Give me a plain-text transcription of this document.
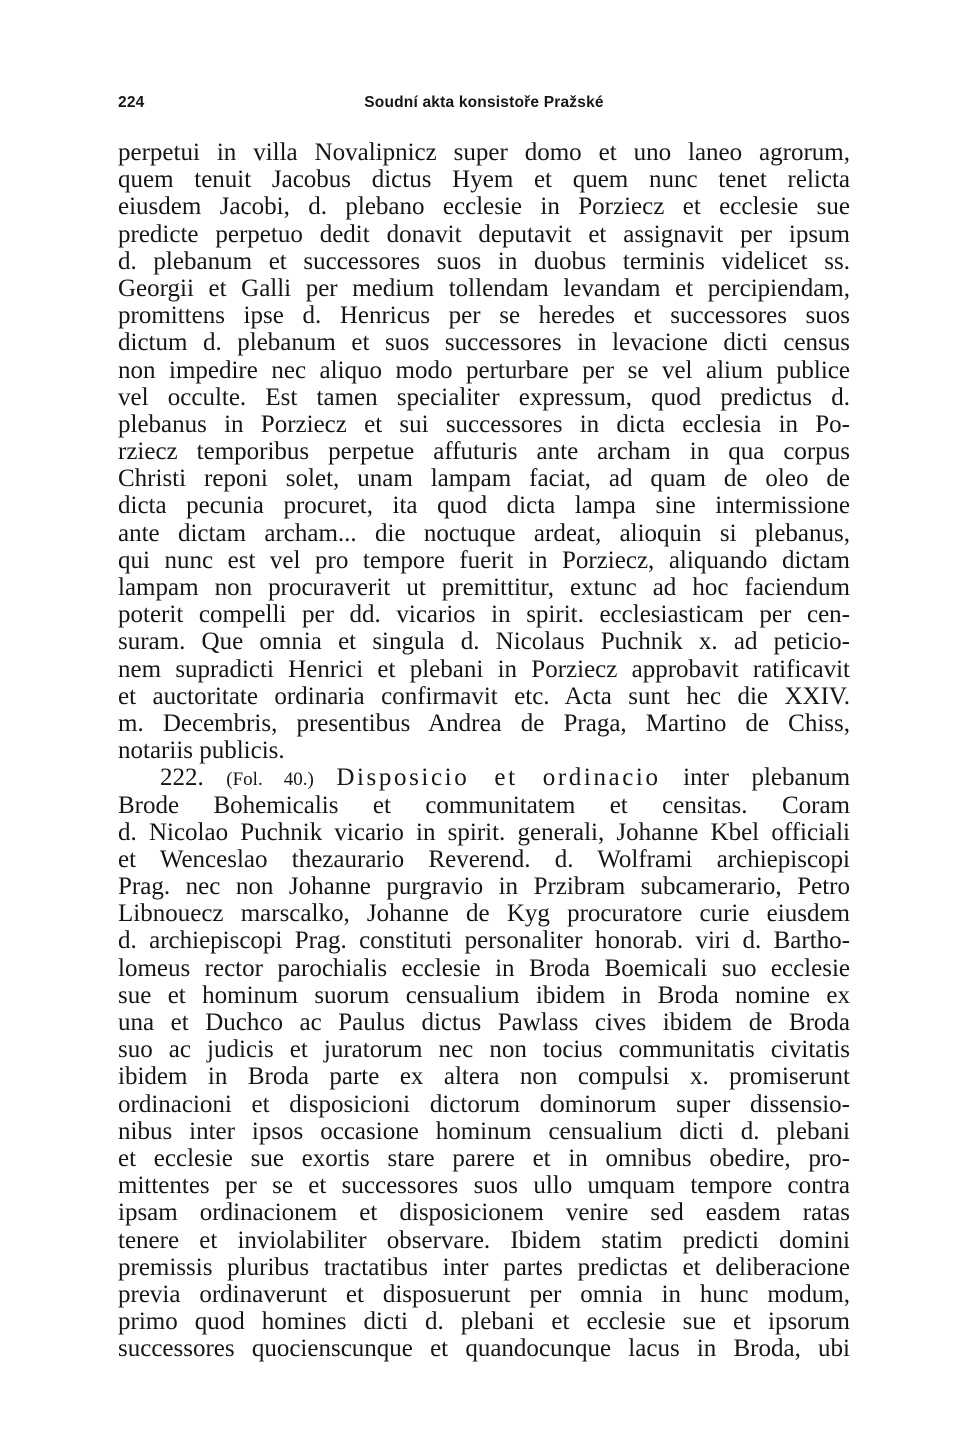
224	Soudní akta konsistoře Pražské
perpetui in villa Novalipnicz super domo et uno laneo agrorum,
quem tenuit Jacobus dictus Hyem et quem nunc tenet relicta
eiusdem Jacobi, d. plebano ecclesie in Porziecz et ecclesie sue
predicte perpetuo dedit donavit deputavit et assignavit per ipsum
d. plebanum et successores suos in duobus terminis videlicet ss.
Georgii et Galli per medium tollendam levandam et percipiendam,
promittens ipse d. Henricus per se heredes et successores suos
dictum d. plebanum et suos successores in levacione dicti census
non impedire nec aliquo modo perturbare per se vel alium publice
vel occulte. Est tamen specialiter expressum, quod predictus d.
plebanus in Porziecz et sui successores in dicta ecclesia in Po-
rziecz temporibus perpetue affuturis ante archam in qua corpus
Christi reponi solet, unam lampam faciat, ad quam de oleo de
dicta pecunia procuret, ita quod dicta lampa sine intermissione
ante dictam archam... die noctuque ardeat, alioquin si plebanus,
qui nunc est vel pro tempore fuerit in Porziecz, aliquando dictam
lampam non procuraverit ut premittitur, extunc ad hoc faciendum
poterit compelli per dd. vicarios in spirit. ecclesiasticam per cen-
suram. Que omnia et singula d. Nicolaus Puchnik x. ad peticio-
nem supradicti Henrici et plebani in Porziecz approbavit ratificavit
et auctoritate ordinaria confirmavit etc. Acta sunt hec die XXIV.
m. Decembris, presentibus Andrea de Praga, Martino de Chiss,
notariis publicis.
222. (Fol. 40.) Disposicio et ordinacio inter plebanum
Brode Bohemicalis et communitatem et censitas. Coram
d. Nicolao Puchnik vicario in spirit. generali, Johanne Kbel officiali
et Wenceslao thezaurario Reverend. d. Wolframi archiepiscopi
Prag. nec non Johanne purgravio in Przibram subcamerario, Petro
Libnouecz marscalko, Johanne de Kyg procuratore curie eiusdem
d. archiepiscopi Prag. constituti personaliter honorab. viri d. Bartho-
lomeus rector parochialis ecclesie in Broda Boemicali suo ecclesie
sue et hominum suorum censualium ibidem in Broda nomine ex
una et Duchco ac Paulus dictus Pawlass cives ibidem de Broda
suo ac judicis et juratorum nec non tocius communitatis civitatis
ibidem in Broda parte ex altera non compulsi x. promiserunt
ordinacioni et disposicioni dictorum dominorum super dissensio-
nibus inter ipsos occasione hominum censualium dicti d. plebani
et ecclesie sue exortis stare parere et in omnibus obedire, pro-
mittentes per se et successores suos ullo umquam tempore contra
ipsam ordinacionem et disposicionem venire sed easdem ratas
tenere et inviolabiliter observare. Ibidem statim predicti domini
premissis pluribus tractatibus inter partes predictas et deliberacione
previa ordinaverunt et disposuerunt per omnia in hunc modum,
primo quod homines dicti d. plebani et ecclesie sue et ipsorum
successores quocienscunque et quandocunque lacus in Broda, ubi
